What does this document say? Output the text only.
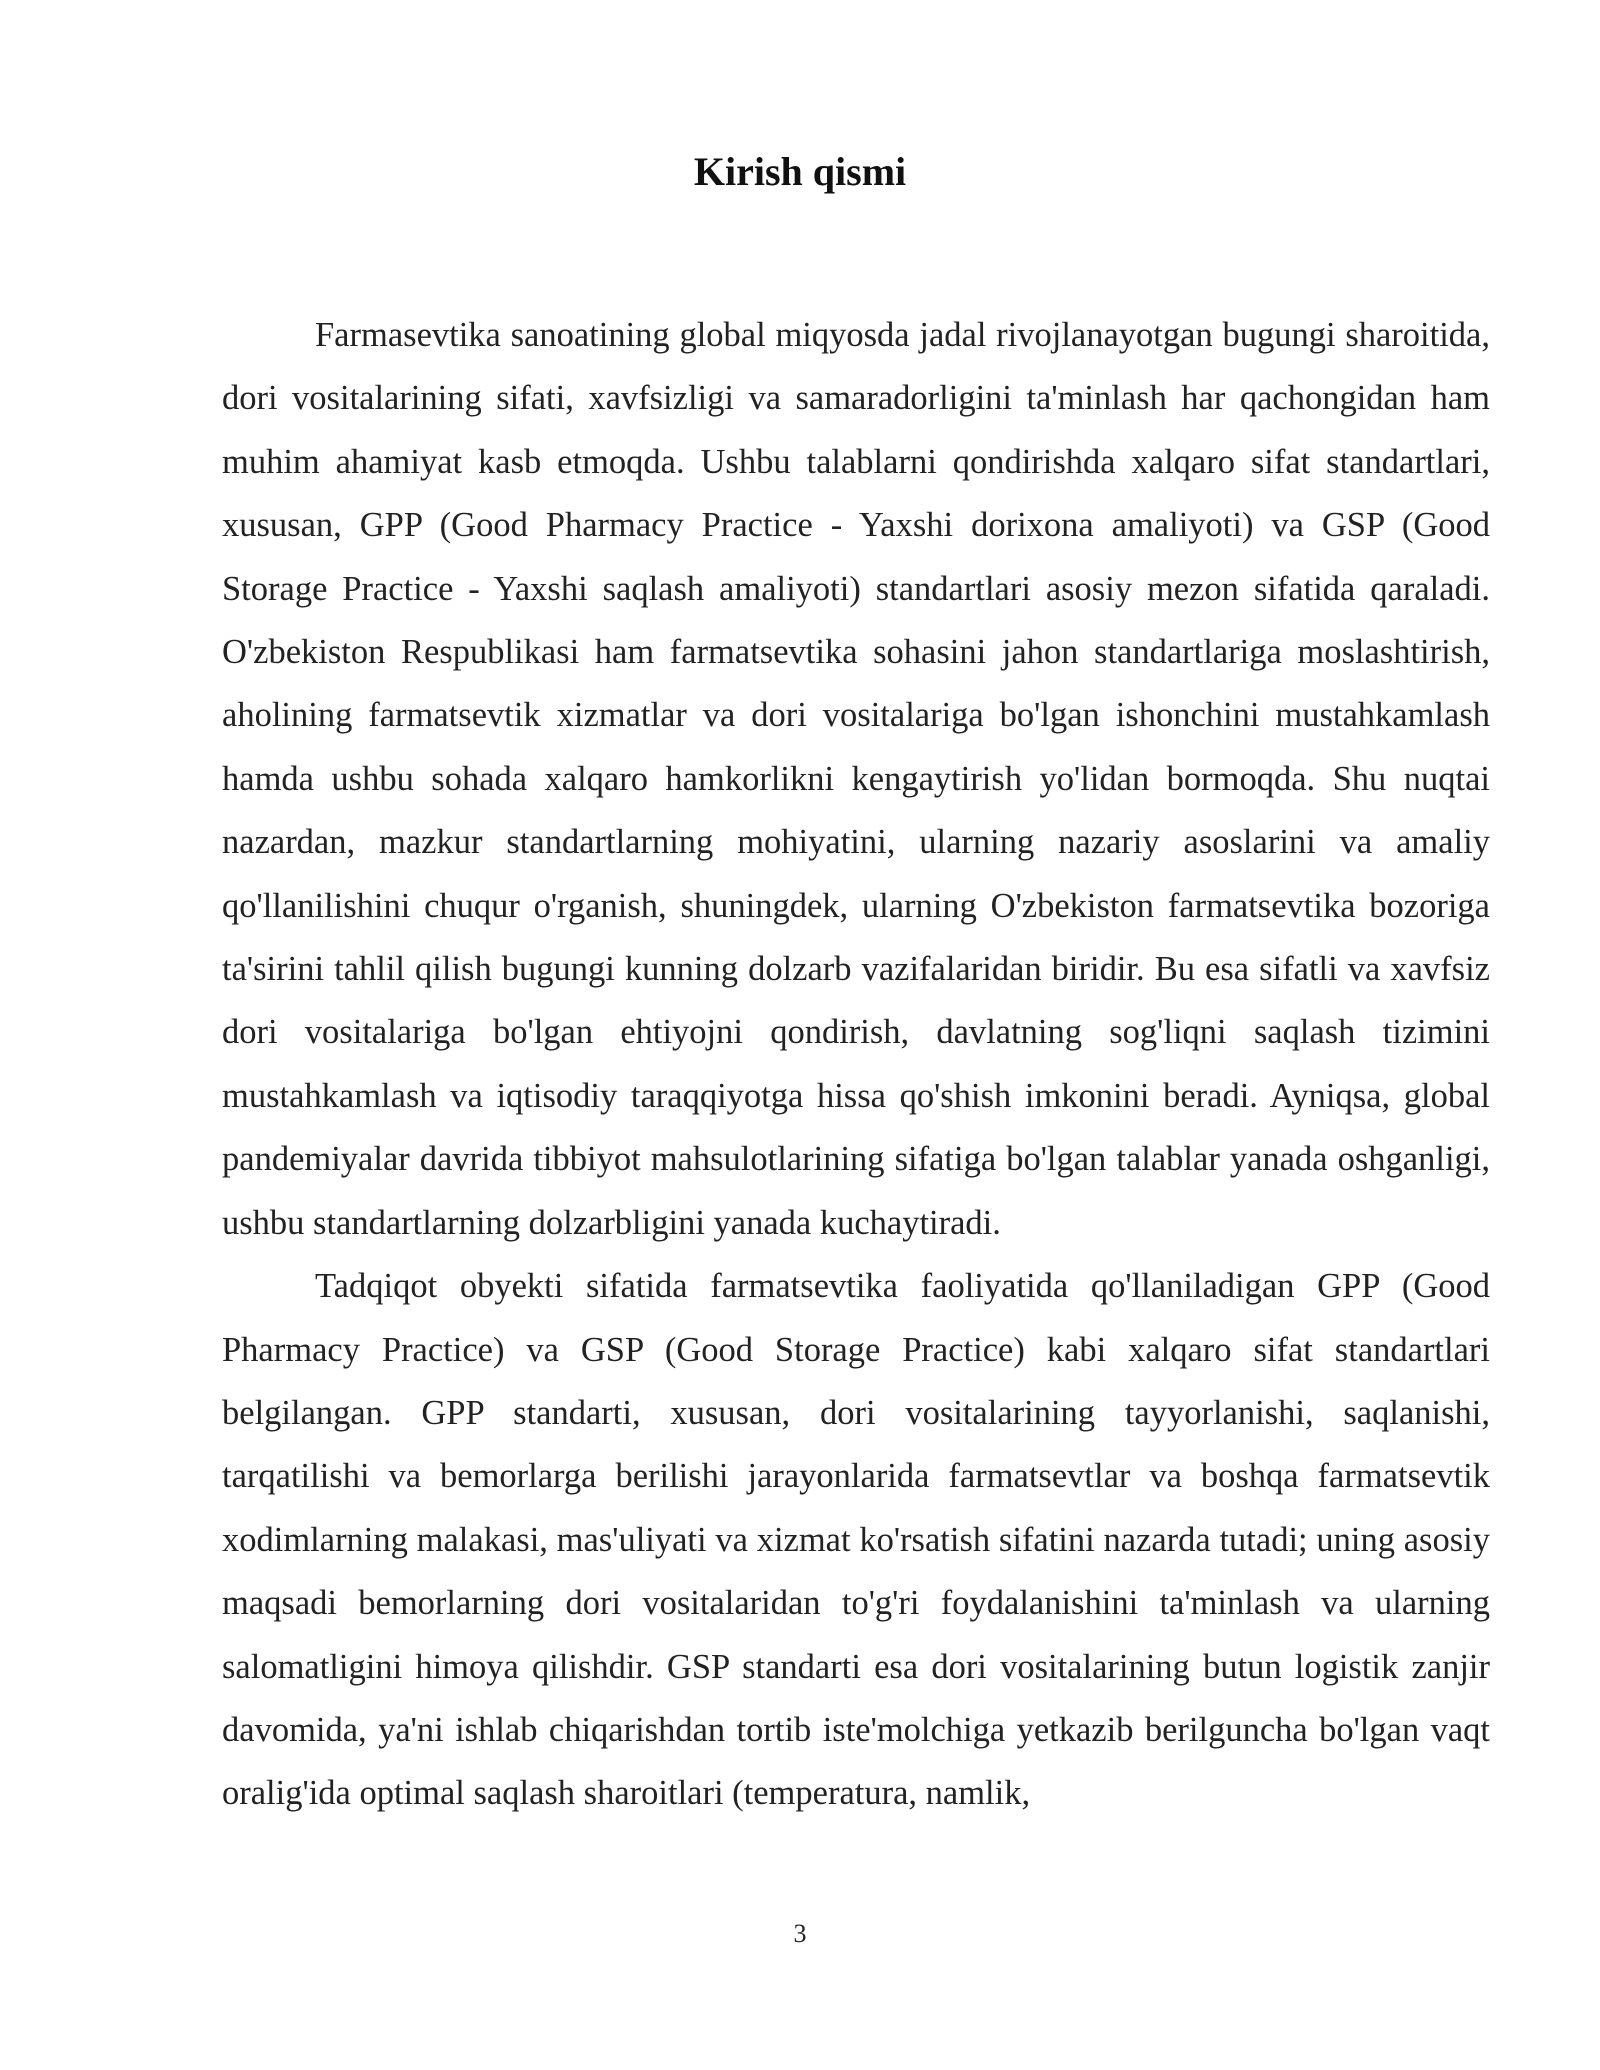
Kirish qismi

Farmasevtika sanoatining global miqyosda jadal rivojlanayotgan bugungi sharoitida, dori vositalarining sifati, xavfsizligi va samaradorligini ta'minlash har qachongidan ham muhim ahamiyat kasb etmoqda. Ushbu talablarni qondirishda xalqaro sifat standartlari, xususan, GPP (Good Pharmacy Practice - Yaxshi dorixona amaliyoti) va GSP (Good Storage Practice - Yaxshi saqlash amaliyoti) standartlari asosiy mezon sifatida qaraladi. O'zbekiston Respublikasi ham farmatsevtika sohasini jahon standartlariga moslashtirish, aholining farmatsevtik xizmatlar va dori vositalariga bo'lgan ishonchini mustahkamlash hamda ushbu sohada xalqaro hamkorlikni kengaytirish yo'lidan bormoqda. Shu nuqtai nazardan, mazkur standartlarning mohiyatini, ularning nazariy asoslarini va amaliy qo'llanilishini chuqur o'rganish, shuningdek, ularning O'zbekiston farmatsevtika bozoriga ta'sirini tahlil qilish bugungi kunning dolzarb vazifalaridan biridir. Bu esa sifatli va xavfsiz dori vositalariga bo'lgan ehtiyojni qondirish, davlatning sog'liqni saqlash tizimini mustahkamlash va iqtisodiy taraqqiyotga hissa qo'shish imkonini beradi. Ayniqsa, global pandemiyalar davrida tibbiyot mahsulotlarining sifatiga bo'lgan talablar yanada oshganligi, ushbu standartlarning dolzarbligini yanada kuchaytiradi.

Tadqiqot obyekti sifatida farmatsevtika faoliyatida qo'llaniladigan GPP (Good Pharmacy Practice) va GSP (Good Storage Practice) kabi xalqaro sifat standartlari belgilangan. GPP standarti, xususan, dori vositalarining tayyorlanishi, saqlanishi, tarqatilishi va bemorlarga berilishi jarayonlarida farmatsevtlar va boshqa farmatsevtik xodimlarning malakasi, mas'uliyati va xizmat ko'rsatish sifatini nazarda tutadi; uning asosiy maqsadi bemorlarning dori vositalaridan to'g'ri foydalanishini ta'minlash va ularning salomatligini himoya qilishdir. GSP standarti esa dori vositalarining butun logistik zanjir davomida, ya'ni ishlab chiqarishdan tortib iste'molchiga yetkazib berilguncha bo'lgan vaqt oralig'ida optimal saqlash sharoitlari (temperatura, namlik,

3
